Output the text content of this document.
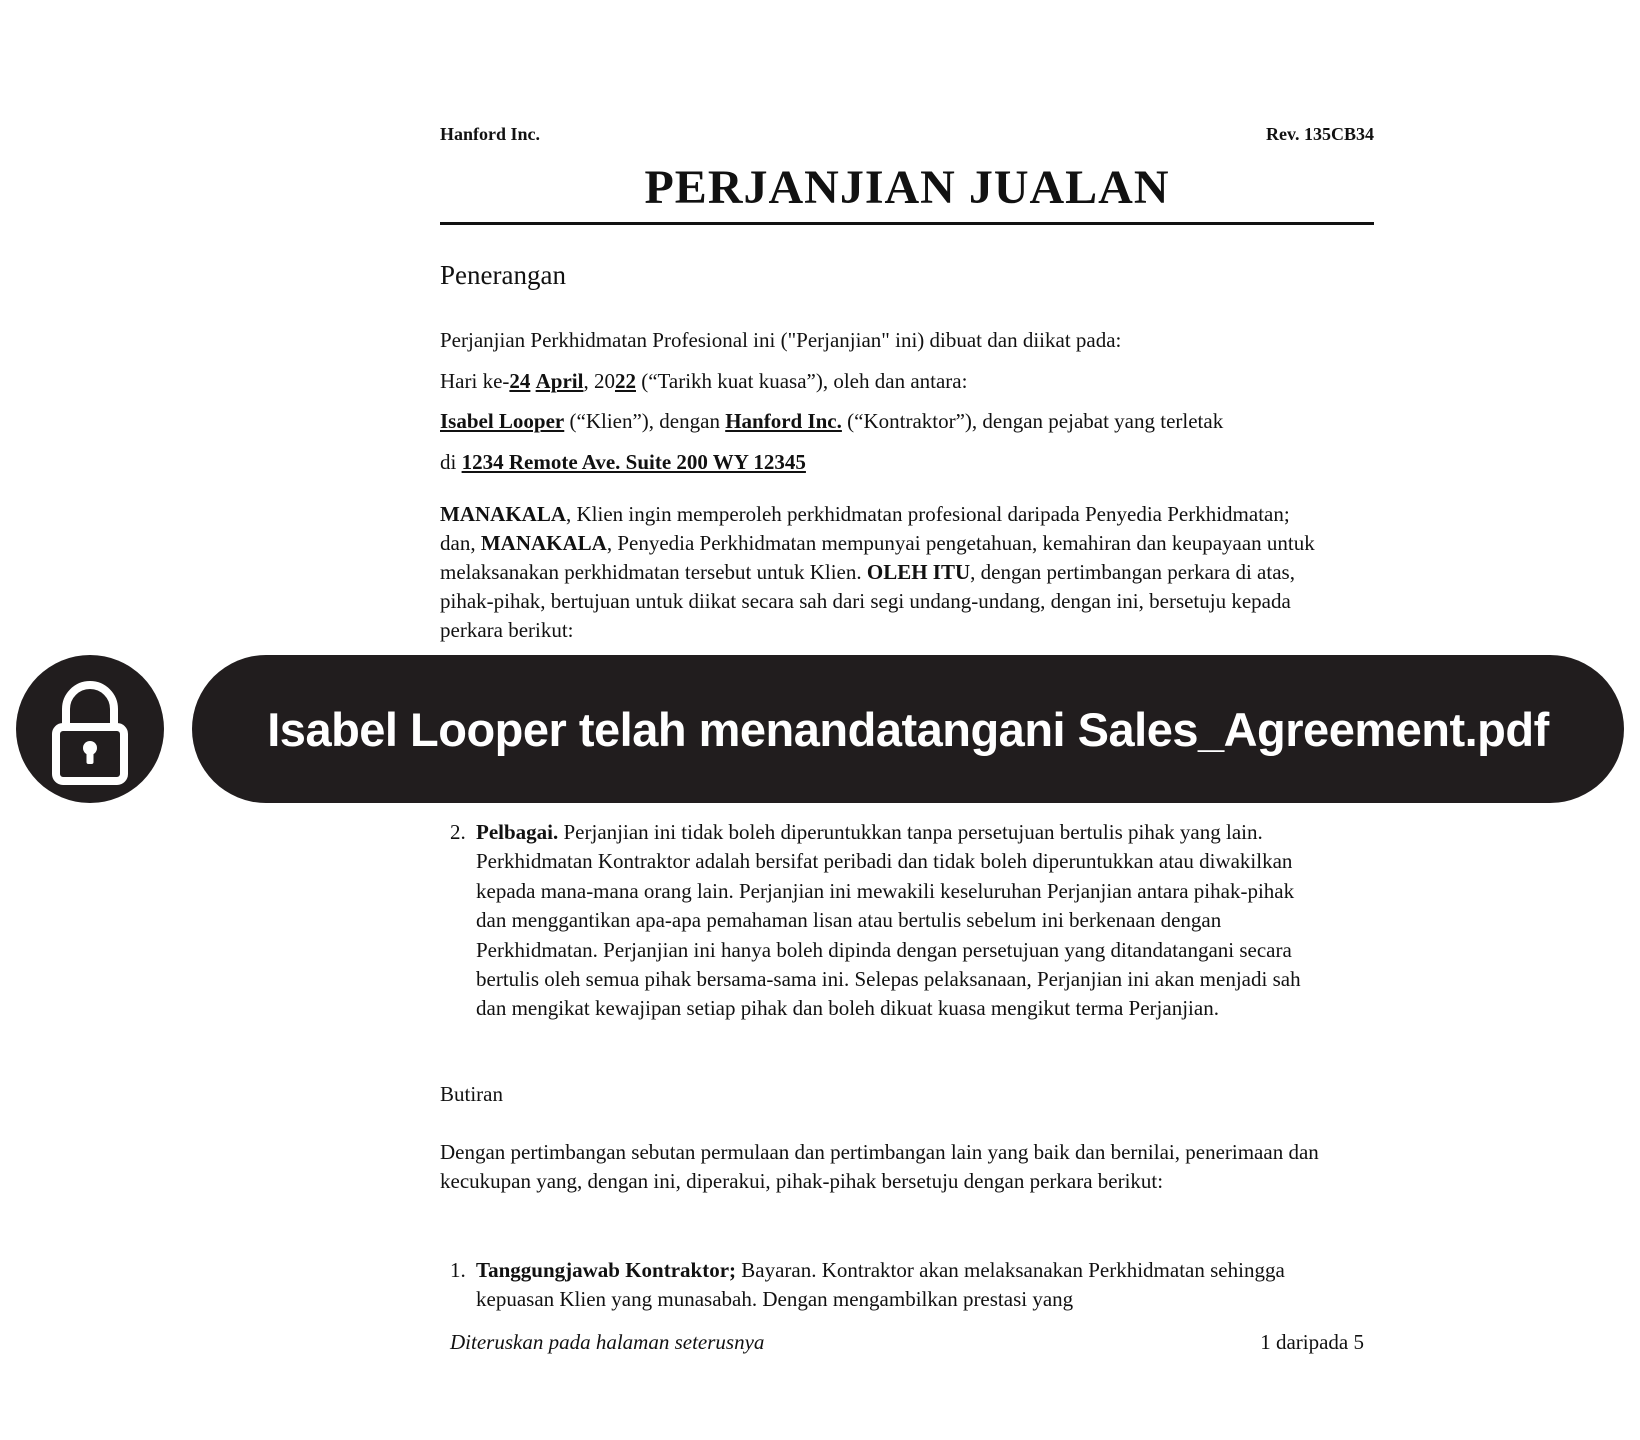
Hanford Inc.	Rev. 135CB34
PERJANJIAN JUALAN
Penerangan

Perjanjian Perkhidmatan Profesional ini ("Perjanjian" ini) dibuat dan diikat pada:

Hari ke-24 April, 2022 (“Tarikh kuat kuasa”), oleh dan antara:

Isabel Looper (“Klien”), dengan Hanford Inc. (“Kontraktor”), dengan pejabat yang terletak

di 1234 Remote Ave. Suite 200 WY 12345

MANAKALA, Klien ingin memperoleh perkhidmatan profesional daripada Penyedia Perkhidmatan; dan, MANAKALA, Penyedia Perkhidmatan mempunyai pengetahuan, kemahiran dan keupayaan untuk melaksanakan perkhidmatan tersebut untuk Klien. OLEH ITU, dengan pertimbangan perkara di atas, pihak-pihak, bertujuan untuk diikat secara sah dari segi undang-undang, dengan ini, bersetuju kepada perkara berikut:

2. Pelbagai. Perjanjian ini tidak boleh diperuntukkan tanpa persetujuan bertulis pihak yang lain. Perkhidmatan Kontraktor adalah bersifat peribadi dan tidak boleh diperuntukkan atau diwakilkan kepada mana-mana orang lain. Perjanjian ini mewakili keseluruhan Perjanjian antara pihak-pihak dan menggantikan apa-apa pemahaman lisan atau bertulis sebelum ini berkenaan dengan Perkhidmatan. Perjanjian ini hanya boleh dipinda dengan persetujuan yang ditandatangani secara bertulis oleh semua pihak bersama-sama ini. Selepas pelaksanaan, Perjanjian ini akan menjadi sah dan mengikat kewajipan setiap pihak dan boleh dikuat kuasa mengikut terma Perjanjian.
Butiran

Dengan pertimbangan sebutan permulaan dan pertimbangan lain yang baik dan bernilai, penerimaan dan kecukupan yang, dengan ini, diperakui, pihak-pihak bersetuju dengan perkara berikut:

1. Tanggungjawab Kontraktor; Bayaran. Kontraktor akan melaksanakan Perkhidmatan sehingga kepuasan Klien yang munasabah. Dengan mengambilkan prestasi yang
Diteruskan pada halaman seterusnya	1 daripada 5
Isabel Looper telah menandatangani Sales_Agreement.pdf
